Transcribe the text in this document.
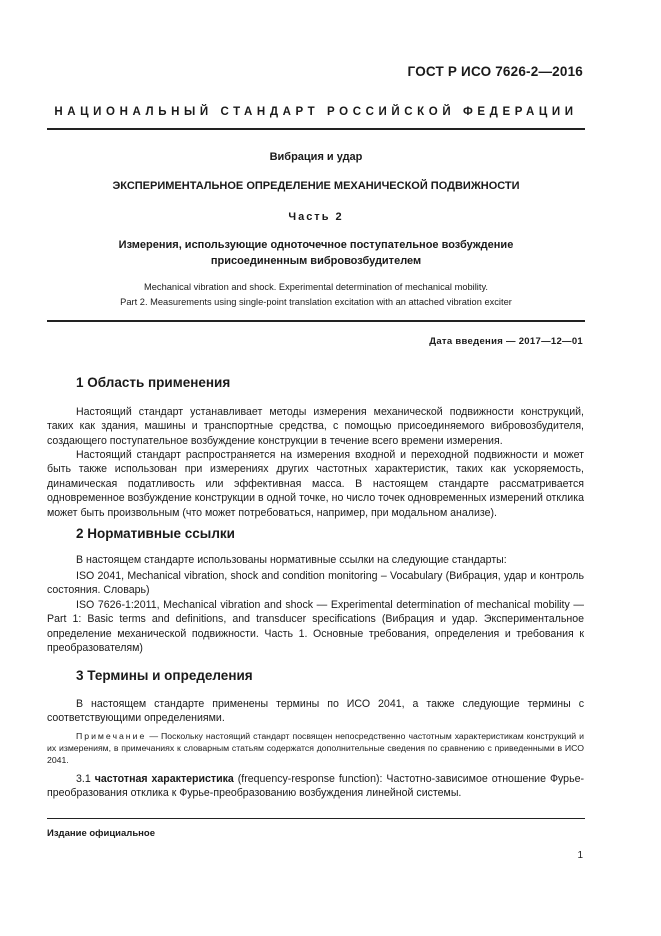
ГОСТ Р ИСО 7626-2—2016
НАЦИОНАЛЬНЫЙ СТАНДАРТ РОССИЙСКОЙ ФЕДЕРАЦИИ
Вибрация и удар
ЭКСПЕРИМЕНТАЛЬНОЕ ОПРЕДЕЛЕНИЕ МЕХАНИЧЕСКОЙ ПОДВИЖНОСТИ
Часть 2
Измерения, использующие одноточечное поступательное возбуждение
присоединенным вибровозбудителем
Mechanical vibration and shock. Experimental determination of mechanical mobility.
Part 2. Measurements using single-point translation excitation with an attached vibration exciter
Дата введения — 2017—12—01
1 Область применения

Настоящий стандарт устанавливает методы измерения механической подвижности конструкций, таких как здания, машины и транспортные средства, с помощью присоединяемого вибровозбудителя, создающего поступательное возбуждение конструкции в течение всего времени измерения.

Настоящий стандарт распространяется на измерения входной и переходной подвижности и может быть также использован при измерениях других частотных характеристик, таких как ускоряемость, динамическая податливость или эффективная масса. В настоящем стандарте рассматривается одновременное возбуждение конструкции в одной точке, но число точек одновременных измерений отклика может быть произвольным (что может потребоваться, например, при модальном анализе).

2 Нормативные ссылки

В настоящем стандарте использованы нормативные ссылки на следующие стандарты:

ISO 2041, Mechanical vibration, shock and condition monitoring – Vocabulary (Вибрация, удар и контроль состояния. Словарь)

ISO 7626-1:2011, Mechanical vibration and shock — Experimental determination of mechanical mobility — Part 1: Basic terms and definitions, and transducer specifications (Вибрация и удар. Экспериментальное определение механической подвижности. Часть 1. Основные требования, определения и требования к преобразователям)

3 Термины и определения

В настоящем стандарте применены термины по ИСО 2041, а также следующие термины с соответствующими определениями.

Примечание — Поскольку настоящий стандарт посвящен непосредственно частотным характеристикам конструкций и их измерениям, в примечаниях к словарным статьям содержатся дополнительные сведения по сравнению с приведенными в ИСО 2041.

3.1 частотная характеристика (frequency-response function): Частотно-зависимое отношение Фурье-преобразования отклика к Фурье-преобразованию возбуждения линейной системы.

Издание официальное
1
